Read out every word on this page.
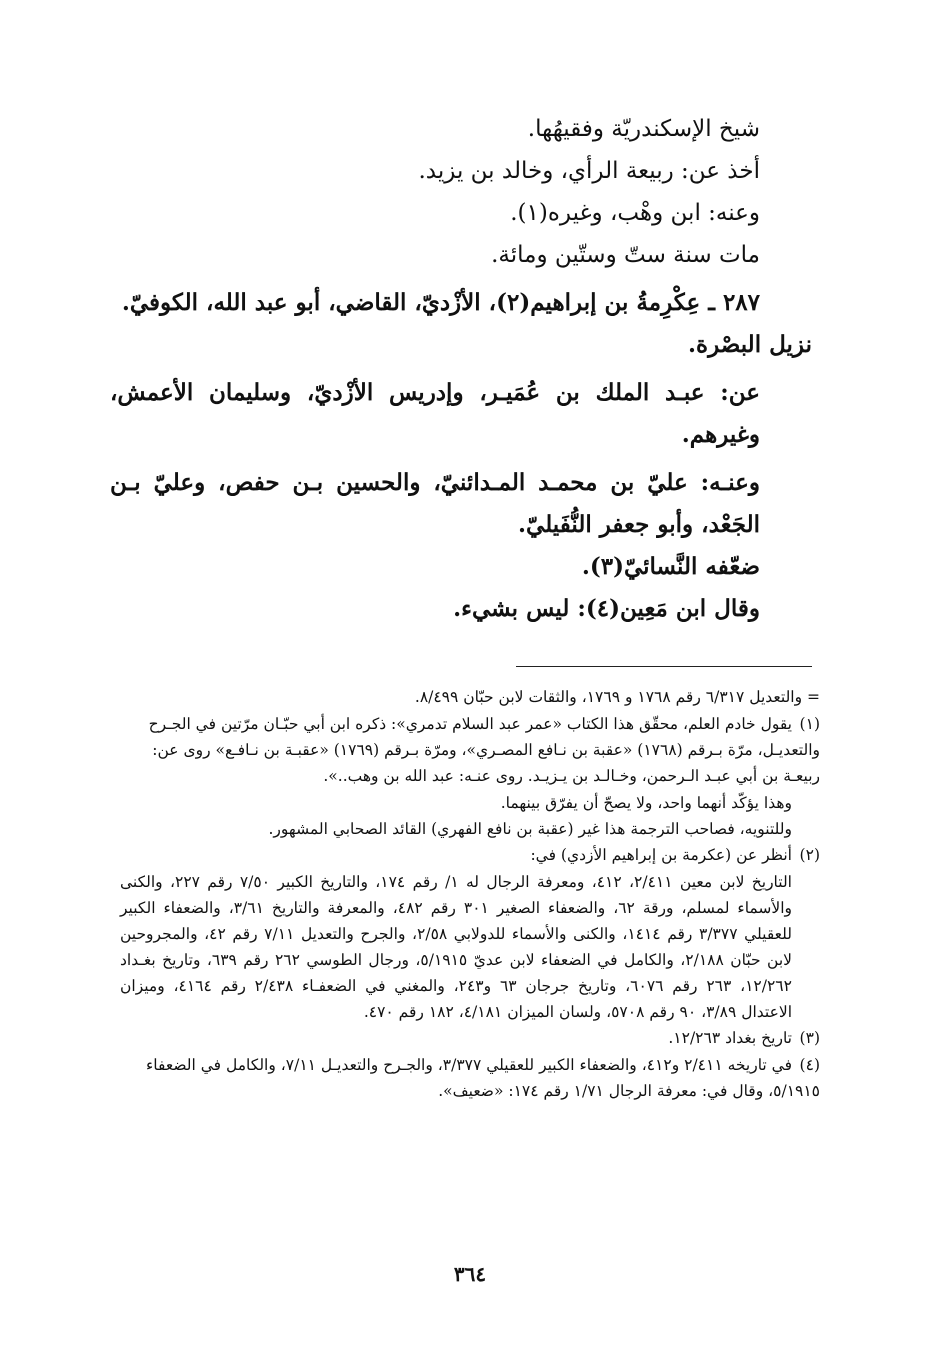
شيخ الإسكندريّة وفقيهُها.

أخذ عن: ربيعة الرأي، وخالد بن يزيد.

وعنه: ابن وهْب، وغيره(١).

مات سنة ستّ وستّين ومائة.

٢٨٧ ـ عِكْرِمةُ بن إبراهيم(٢)، الأزْديّ، القاضي، أبو عبد الله، الكوفيّ.

نزيل البصْرة.

عن: عبـد الملك بن عُمَيـر، وإدريس الأزْديّ، وسليمان الأعمش، وغيرهم.

وعنـه: عليّ بن محمـد المـدائنيّ، والحسين بـن حفص، وعليّ بـن الجَعْد، وأبو جعفر النُّفَيليّ.

ضعّفه النَّسائيّ(٣).

وقال ابن مَعِين(٤): ليس بشيء.

= والتعديل ٦/٣١٧ رقم ١٧٦٨ و ١٧٦٩، والثقات لابن حبّان ٨/٤٩٩.

(١)يقول خادم العلم، محقّق هذا الكتاب «عمر عبد السلام تدمري»: ذكره ابن أبي حبّـان مرّتين في الجـرح والتعديـل، مرّة بـرقم (١٧٦٨) «عقبة بن نـافع المصـري»، ومرّة بـرقم (١٧٦٩) «عقبـة بن نـافـع» روى عن: ربيعـة بن أبي عبـد الـرحمن، وخـالـد بن يـزيـد. روى عنـه: عبد الله بن وهب..».

وهذا يؤكّد أنهما واحد، ولا يصحّ أن يفرّق بينهما.

وللتنويه، فصاحب الترجمة هذا غير (عقبة بن نافع الفهري) القائد الصحابي المشهور.

(٢)أنظر عن (عكرمة بن إبراهيم الأزدي) في:

التاريخ لابن معين ٢/٤١١، ٤١٢، ومعرفة الرجال له ١/ رقم ١٧٤، والتاريخ الكبير ٧/٥٠ رقم ٢٢٧، والكنى والأسماء لمسلم، ورقة ٦٢، والضعفاء الصغير ٣٠١ رقم ٤٨٢، والمعرفة والتاريخ ٣/٦١، والضعفاء الكبير للعقيلي ٣/٣٧٧ رقم ١٤١٤، والكنى والأسماء للدولابي ٢/٥٨، والجرح والتعديل ٧/١١ رقم ٤٢، والمجروحين لابن حبّان ٢/١٨٨، والكامل في الضعفاء لابن عديّ ٥/١٩١٥، ورجال الطوسي ٢٦٢ رقم ٦٣٩، وتاريخ بغـداد ١٢/٢٦٢، ٢٦٣ رقم ٦٠٧٦، وتاريخ جرجان ٦٣ و٢٤٣، والمغني في الضعفـاء ٢/٤٣٨ رقم ٤١٦٤، وميزان الاعتدال ٣/٨٩، ٩٠ رقم ٥٧٠٨، ولسان الميزان ٤/١٨١، ١٨٢ رقم ٤٧٠.

(٣)تاريخ بغداد ١٢/٢٦٣.

(٤)في تاريخه ٢/٤١١ و٤١٢، والضعفاء الكبير للعقيلي ٣/٣٧٧، والجـرح والتعديـل ٧/١١، والكامل في الضعفاء ٥/١٩١٥، وقال في: معرفة الرجال ١/٧١ رقم ١٧٤: «ضعيف».

٣٦٤
